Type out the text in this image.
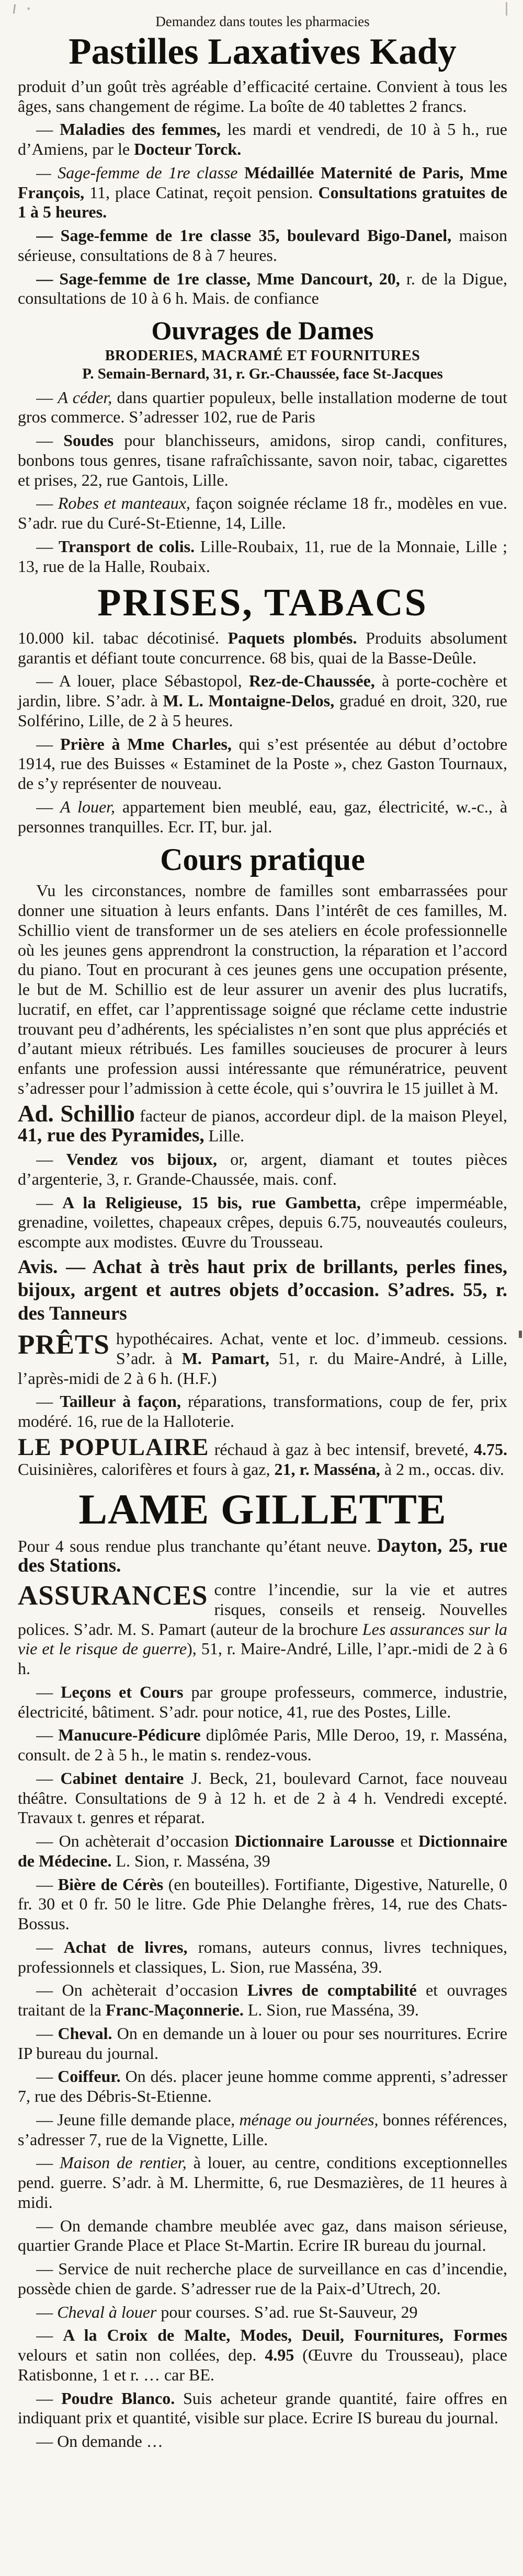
Demandez dans toutes les pharmacies

Pastilles Laxatives Kady

produit d’un goût très agréable d’efficacité certaine. Convient à tous les âges, sans changement de régime. La boîte de 40 tablettes 2 francs.

— Maladies des femmes, les mardi et vendredi, de 10 à 5 h., rue d’Amiens, par le Docteur Torck.

— Sage-femme de 1re classe Médaillée Maternité de Paris, Mme François, 11, place Catinat, reçoit pension. Consultations gratuites de 1 à 5 heures.

— Sage-femme de 1re classe 35, boulevard Bigo-Danel, maison sérieuse, consultations de 8 à 7 heures.

— Sage-femme de 1re classe, Mme Dancourt, 20, r. de la Digue, consultations de 10 à 6 h. Mais. de confiance

Ouvrages de Dames

BRODERIES, MACRAMÉ ET FOURNITURES

P. Semain-Bernard, 31, r. Gr.-Chaussée, face St-Jacques

— A céder, dans quartier populeux, belle installation moderne de tout gros commerce. S’adresser 102, rue de Paris

— Soudes pour blanchisseurs, amidons, sirop candi, confitures, bonbons tous genres, tisane rafraîchissante, savon noir, tabac, cigarettes et prises, 22, rue Gantois, Lille.

— Robes et manteaux, façon soignée réclame 18 fr., modèles en vue. S’adr. rue du Curé-St-Etienne, 14, Lille.

— Transport de colis. Lille-Roubaix, 11, rue de la Monnaie, Lille ; 13, rue de la Halle, Roubaix.

PRISES, TABACS

10.000 kil. tabac décotinisé. Paquets plombés. Produits absolument garantis et défiant toute concurrence. 68 bis, quai de la Basse-Deûle.

— A louer, place Sébastopol, Rez-de-Chaussée, à porte-cochère et jardin, libre. S’adr. à M. L. Montaigne-Delos, gradué en droit, 320, rue Solférino, Lille, de 2 à 5 heures.

— Prière à Mme Charles, qui s’est présentée au début d’octobre 1914, rue des Buisses « Estaminet de la Poste », chez Gaston Tournaux, de s’y représenter de nouveau.

— A louer, appartement bien meublé, eau, gaz, électricité, w.-c., à personnes tranquilles. Ecr. IT, bur. jal.

Cours pratique

Vu les circonstances, nombre de familles sont embarrassées pour donner une situation à leurs enfants. Dans l’intérêt de ces familles, M. Schillio vient de transformer un de ses ateliers en école professionnelle où les jeunes gens apprendront la construction, la réparation et l’accord du piano. Tout en procurant à ces jeunes gens une occupation présente, le but de M. Schillio est de leur assurer un avenir des plus lucratifs, lucratif, en effet, car l’apprentissage soigné que réclame cette industrie trouvant peu d’adhérents, les spécialistes n’en sont que plus appréciés et d’autant mieux rétribués. Les familles soucieuses de procurer à leurs enfants une profession aussi intéressante que rémunératrice, peuvent s’adresser pour l’admission à cette école, qui s’ouvrira le 15 juillet à M.

Ad. Schillio facteur de pianos, accordeur dipl. de la maison Pleyel, 41, rue des Pyramides, Lille.

— Vendez vos bijoux, or, argent, diamant et toutes pièces d’argenterie, 3, r. Grande-Chaussée, mais. conf.

— A la Religieuse, 15 bis, rue Gambetta, crêpe imperméable, grenadine, voilettes, chapeaux crêpes, depuis 6.75, nouveautés couleurs, escompte aux modistes. Œuvre du Trousseau.

Avis. — Achat à très haut prix de brillants, perles fines, bijoux, argent et autres objets d’occasion. S’adres. 55, r. des Tanneurs

PRÊTS hypothécaires. Achat, vente et loc. d’immeub. cessions. S’adr. à M. Pamart, 51, r. du Maire-André, à Lille, l’après-midi de 2 à 6 h. (H.F.)

— Tailleur à façon, réparations, transformations, coup de fer, prix modéré. 16, rue de la Halloterie.

LE POPULAIRE réchaud à gaz à bec intensif, breveté, 4.75. Cuisinières, calorifères et fours à gaz, 21, r. Masséna, à 2 m., occas. div.

LAME GILLETTE

Pour 4 sous rendue plus tranchante qu’étant neuve. Dayton, 25, rue des Stations.

ASSURANCES contre l’incendie, sur la vie et autres risques, conseils et renseig. Nouvelles polices. S’adr. M. S. Pamart (auteur de la brochure Les assurances sur la vie et le risque de guerre), 51, r. Maire-André, Lille, l’apr.-midi de 2 à 6 h.

— Leçons et Cours par groupe professeurs, commerce, industrie, électricité, bâtiment. S’adr. pour notice, 41, rue des Postes, Lille.

— Manucure-Pédicure diplômée Paris, Mlle Deroo, 19, r. Masséna, consult. de 2 à 5 h., le matin s. rendez-vous.

— Cabinet dentaire J. Beck, 21, boulevard Carnot, face nouveau théâtre. Consultations de 9 à 12 h. et de 2 à 4 h. Vendredi excepté. Travaux t. genres et réparat.

— On achèterait d’occasion Dictionnaire Larousse et Dictionnaire de Médecine. L. Sion, r. Masséna, 39

— Bière de Cérès (en bouteilles). Fortifiante, Digestive, Naturelle, 0 fr. 30 et 0 fr. 50 le litre. Gde Phie Delanghe frères, 14, rue des Chats-Bossus.

— Achat de livres, romans, auteurs connus, livres techniques, professionnels et classiques, L. Sion, rue Masséna, 39.

— On achèterait d’occasion Livres de comptabilité et ouvrages traitant de la Franc-Maçonnerie. L. Sion, rue Masséna, 39.

— Cheval. On en demande un à louer ou pour ses nourritures. Ecrire IP bureau du journal.

— Coiffeur. On dés. placer jeune homme comme apprenti, s’adresser 7, rue des Débris-St-Etienne.

— Jeune fille demande place, ménage ou journées, bonnes références, s’adresser 7, rue de la Vignette, Lille.

— Maison de rentier, à louer, au centre, conditions exceptionnelles pend. guerre. S’adr. à M. Lhermitte, 6, rue Desmazières, de 11 heures à midi.

— On demande chambre meublée avec gaz, dans maison sérieuse, quartier Grande Place et Place St-Martin. Ecrire IR bureau du journal.

— Service de nuit recherche place de surveillance en cas d’incendie, possède chien de garde. S’adresser rue de la Paix-d’Utrech, 20.

— Cheval à louer pour courses. S’ad. rue St-Sauveur, 29

— A la Croix de Malte, Modes, Deuil, Fournitures, Formes velours et satin non collées, dep. 4.95 (Œuvre du Trousseau), place Ratisbonne, 1 et r. … car BE.

— Poudre Blanco. Suis acheteur grande quantité, faire offres en indiquant prix et quantité, visible sur place. Ecrire IS bureau du journal.

— On demande …
